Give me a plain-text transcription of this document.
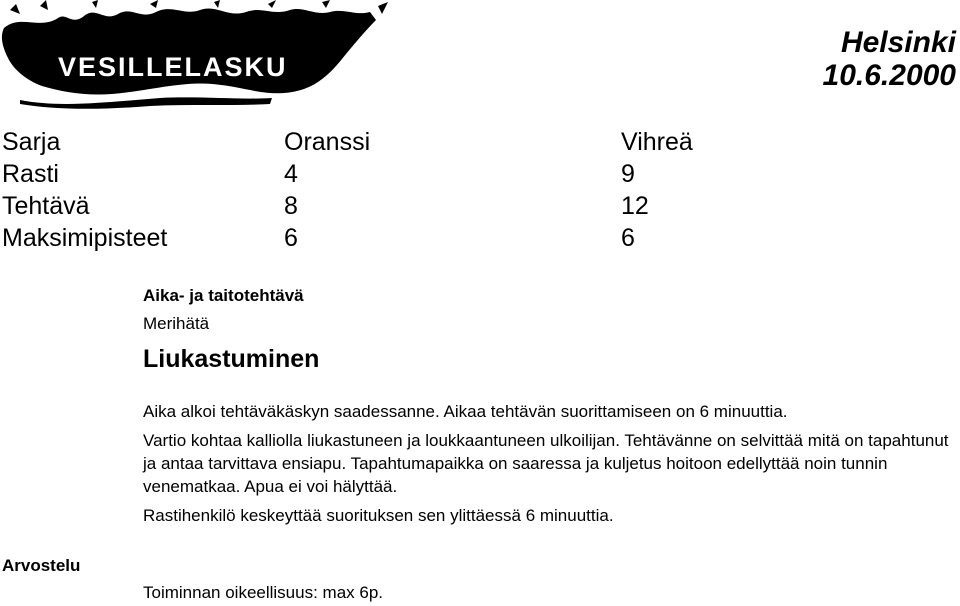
VESILLELASKU
Helsinki
10.6.2000
Sarja	Oranssi	Vihreä
Rasti	4	9
Tehtävä	8	12
Maksimipisteet	6	6
Aika- ja taitotehtävä
Merihätä
Liukastuminen

Aika alkoi tehtäväkäskyn saadessanne. Aikaa tehtävän suorittamiseen on 6 minuuttia.

Vartio kohtaa kalliolla liukastuneen ja loukkaantuneen ulkoilijan. Tehtävänne on selvittää mitä on tapahtunut ja antaa tarvittava ensiapu. Tapahtumapaikka on saaressa ja kuljetus hoitoon edellyttää noin tunnin venematkaa. Apua ei voi hälyttää.

Rastihenkilö keskeyttää suorituksen sen ylittäessä 6 minuuttia.

Arvostelu
Toiminnan oikeellisuus: max 6p.
